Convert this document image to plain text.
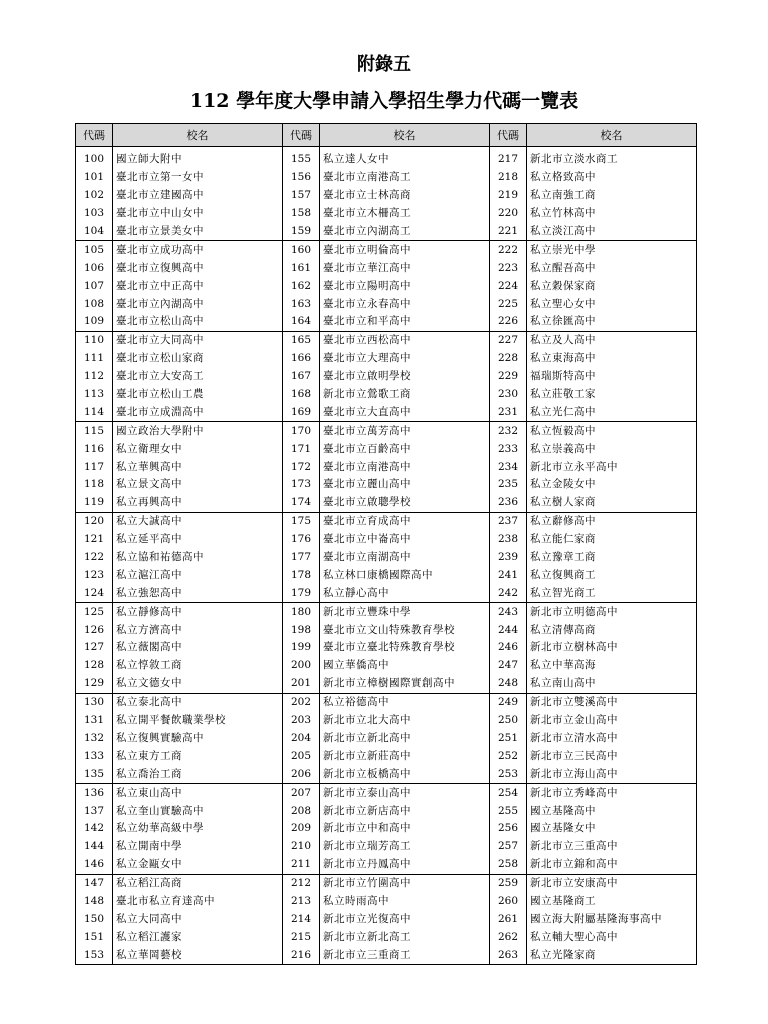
附錄五
112 學年度大學申請入學招生學力代碼一覽表
代碼	校名	代碼	校名	代碼	校名
100	國立師大附中	155	私立達人女中	217	新北市立淡水商工
101	臺北市立第一女中	156	臺北市立南港高工	218	私立格致高中
102	臺北市立建國高中	157	臺北市立士林高商	219	私立南強工商
103	臺北市立中山女中	158	臺北市立木柵高工	220	私立竹林高中
104	臺北市立景美女中	159	臺北市立內湖高工	221	私立淡江高中
105	臺北市立成功高中	160	臺北市立明倫高中	222	私立崇光中學
106	臺北市立復興高中	161	臺北市立華江高中	223	私立醒吾高中
107	臺北市立中正高中	162	臺北市立陽明高中	224	私立穀保家商
108	臺北市立內湖高中	163	臺北市立永春高中	225	私立聖心女中
109	臺北市立松山高中	164	臺北市立和平高中	226	私立徐匯高中
110	臺北市立大同高中	165	臺北市立西松高中	227	私立及人高中
111	臺北市立松山家商	166	臺北市立大理高中	228	私立東海高中
112	臺北市立大安高工	167	臺北市立啟明學校	229	福瑞斯特高中
113	臺北市立松山工農	168	新北市立鶯歌工商	230	私立莊敬工家
114	臺北市立成淵高中	169	臺北市立大直高中	231	私立光仁高中
115	國立政治大學附中	170	臺北市立萬芳高中	232	私立恆毅高中
116	私立衛理女中	171	臺北市立百齡高中	233	私立崇義高中
117	私立華興高中	172	臺北市立南港高中	234	新北市立永平高中
118	私立景文高中	173	臺北市立麗山高中	235	私立金陵女中
119	私立再興高中	174	臺北市立啟聰學校	236	私立樹人家商
120	私立大誠高中	175	臺北市立育成高中	237	私立辭修高中
121	私立延平高中	176	臺北市立中崙高中	238	私立能仁家商
122	私立協和祐德高中	177	臺北市立南湖高中	239	私立豫章工商
123	私立滬江高中	178	私立林口康橋國際高中	241	私立復興商工
124	私立強恕高中	179	私立靜心高中	242	私立智光商工
125	私立靜修高中	180	新北市立豐珠中學	243	新北市立明德高中
126	私立方濟高中	198	臺北市立文山特殊教育學校	244	私立清傳高商
127	私立薇閣高中	199	臺北市立臺北特殊教育學校	246	新北市立樹林高中
128	私立惇敘工商	200	國立華僑高中	247	私立中華高海
129	私立文德女中	201	新北市立樟樹國際實創高中	248	私立南山高中
130	私立泰北高中	202	私立裕德高中	249	新北市立雙溪高中
131	私立開平餐飲職業學校	203	新北市立北大高中	250	新北市立金山高中
132	私立復興實驗高中	204	新北市立新北高中	251	新北市立清水高中
133	私立東方工商	205	新北市立新莊高中	252	新北市立三民高中
135	私立喬治工商	206	新北市立板橋高中	253	新北市立海山高中
136	私立東山高中	207	新北市立泰山高中	254	新北市立秀峰高中
137	私立奎山實驗高中	208	新北市立新店高中	255	國立基隆高中
142	私立幼華高級中學	209	新北市立中和高中	256	國立基隆女中
144	私立開南中學	210	新北市立瑞芳高工	257	新北市立三重高中
146	私立金甌女中	211	新北市立丹鳳高中	258	新北市立錦和高中
147	私立稻江高商	212	新北市立竹圍高中	259	新北市立安康高中
148	臺北市私立育達高中	213	私立時雨高中	260	國立基隆商工
150	私立大同高中	214	新北市立光復高中	261	國立海大附屬基隆海事高中
151	私立稻江護家	215	新北市立新北高工	262	私立輔大聖心高中
153	私立華岡藝校	216	新北市立三重商工	263	私立光隆家商
